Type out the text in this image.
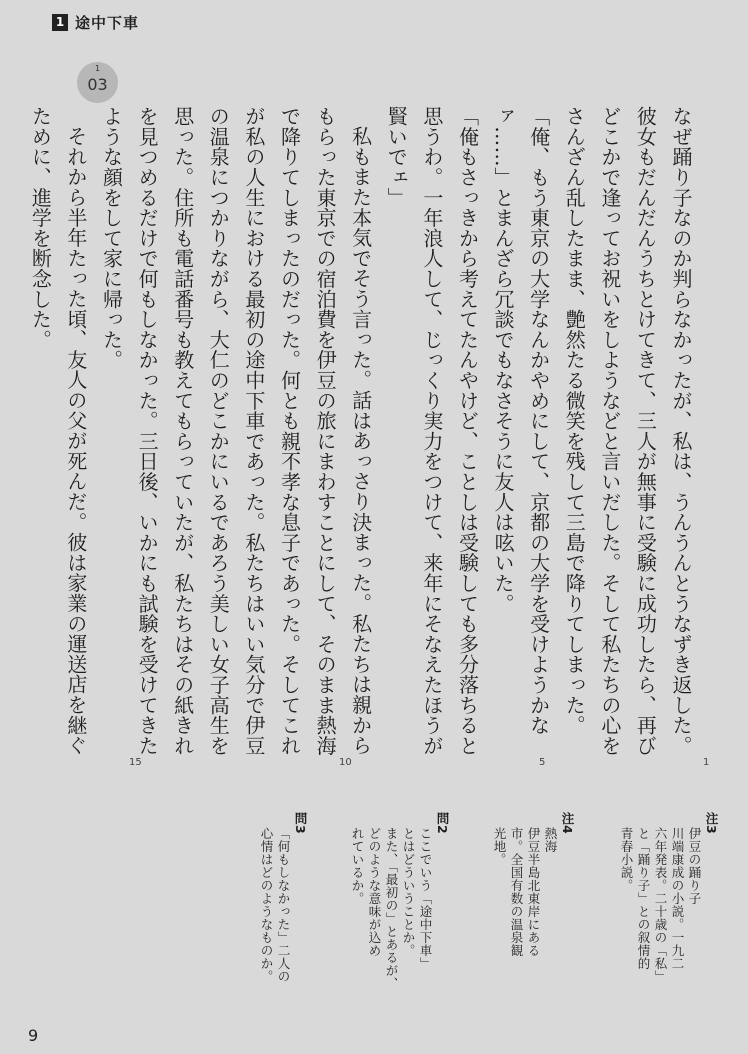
1 途中下車
1
03

なぜ踊り子なのか判らなかったが、私は、うんうんとうなずき返した。彼女もだんだんうちとけてきて、三人が無事に受験に成功したら、再びどこかで逢ってお祝いをしようなどと言いだした。そして私たちの心をさんざん乱したまま、艶然たる微笑を残して三島で降りてしまった。

「俺、もう東京の大学なんかやめにして、京都の大学を受けようかなァ……」とまんざら冗談でもなさそうに友人は呟いた。

「俺もさっきから考えてたんやけど、ことしは受験しても多分落ちると思うわ。一年浪人して、じっくり実力をつけて、来年にそなえたほうが賢いでェ」

私もまた本気でそう言った。話はあっさり決まった。私たちは親からもらった東京での宿泊費を伊豆の旅にまわすことにして、そのまま熱海で降りてしまったのだった。何とも親不孝な息子であった。そしてこれが私の人生における最初の途中下車であった。私たちはいい気分で伊豆の温泉につかりながら、大仁のどこかにいるであろう美しい女子高生を思った。住所も電話番号も教えてもらっていたが、私たちはその紙きれを見つめるだけで何もしなかった。三日後、いかにも試験を受けてきたような顔をして家に帰った。

それから半年たった頃、友人の父が死んだ。彼は家業の運送店を継ぐために、進学を断念した。

1
5
10
15
注3

伊豆の踊り子

川端康成の小説。一九二

六年発表。二十歳の「私」

と「踊り子」との叙情的

青春小説。

注4

熱海

伊豆半島北東岸にある

市。全国有数の温泉観

光地。

問2

ここでいう「途中下車」

とはどういうことか。

また、「最初の」とあるが、

どのような意味が込め

れているか。

問3

「何もしなかった」二人の

心情はどのようなものか。

9
